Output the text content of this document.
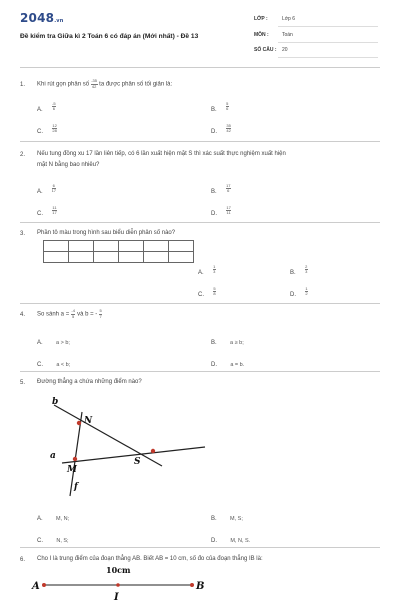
2048.vn
Đề kiểm tra Giữa kì 2 Toán 6 có đáp án (Mới nhất) - Đề 13
LỚP :	Lớp 6
MÔN :	Toán
SỐ CÂU : 20
1. Khi rút gọn phân số $\frac{-35}{42}$ ta được phân số tối giản là:
A. $\frac{-5}{6}$	B. $\frac{5}{6}$
C. $\frac{12}{28}$	D. $\frac{35}{42}$
2. Nếu tung đồng xu 17 lần liên tiếp, có 6 lần xuất hiện mặt S thì xác suất thực nghiệm xuất hiện
mặt N bằng bao nhiêu?
A. $\frac{6}{17}$	B. $\frac{17}{6}$
C. $\frac{11}{17}$	D. $\frac{17}{11}$
3. Phần tô màu trong hình sau biểu diễn phân số nào?

A. $\frac{1}{3}$	B. $\frac{2}{3}$
C. $\frac{5}{8}$	D. $\frac{1}{2}$
4. So sánh $a = \frac{-4}{5}$ và b = - $\frac{5}{7}$
A. a > b;	B. a ≥ b;
C. a < b;	D. a = b.
5. Đường thẳng a chứa những điểm nào?
b
N
a
M
S
f
A. M, N;	B. M, S;
C. N, S;	D. M, N, S.
6. Cho I là trung điểm của đoạn thẳng AB. Biết AB = 10 cm, số đo của đoạn thẳng IB là:
10cm
A	B
I
